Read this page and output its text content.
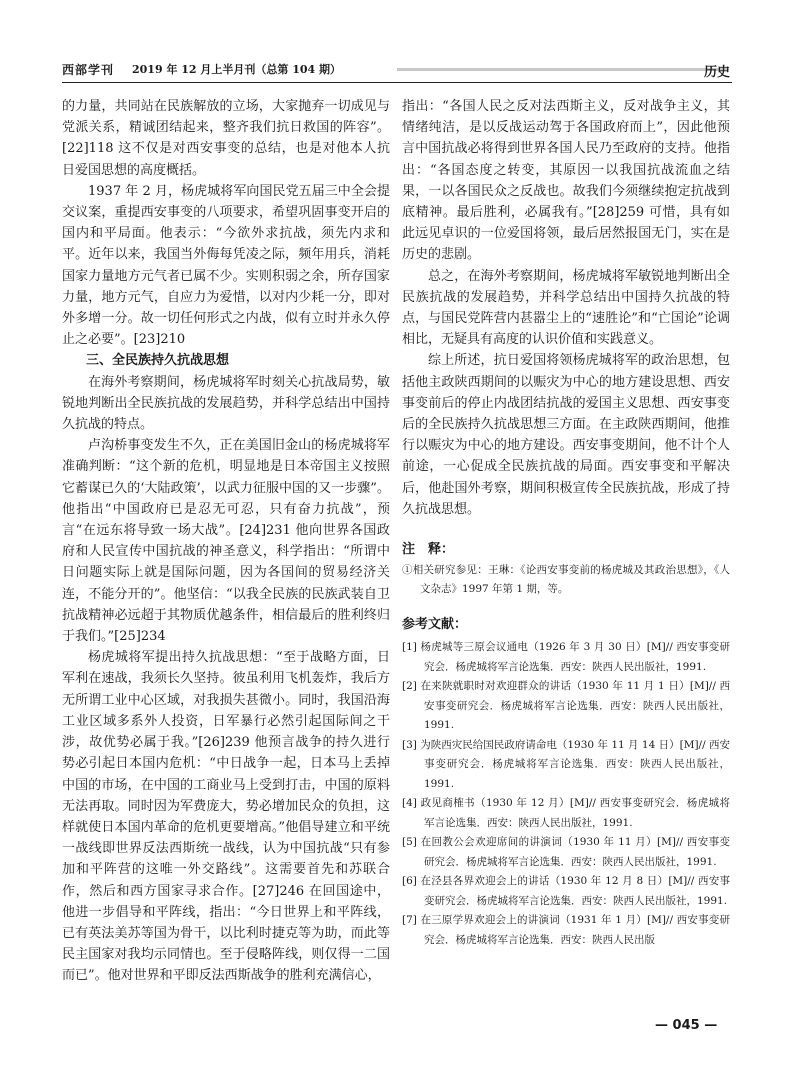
西部学刊 2019 年 12 月上半月刊（总第 104 期）	历史

的力量，共同站在民族解放的立场，大家抛弃一切成见与党派关系，精诚团结起来，整齐我们抗日救国的阵容”。[22]118 这不仅是对西安事变的总结，也是对他本人抗日爱国思想的高度概括。

1937 年 2 月，杨虎城将军向国民党五届三中全会提交议案，重提西安事变的八项要求，希望巩固事变开启的国内和平局面。他表示：“今欲外求抗战，须先内求和平。近年以来，我国当外侮每凭凌之际，频年用兵，消耗国家力量地方元气者已属不少。实则积弱之余，所存国家力量，地方元气，自应力为爱惜，以对内少耗一分，即对外多增一分。故一切任何形式之内战，似有立时并永久停止之必要”。[23]210

三、全民族持久抗战思想

在海外考察期间，杨虎城将军时刻关心抗战局势，敏锐地判断出全民族抗战的发展趋势，并科学总结出中国持久抗战的特点。

卢沟桥事变发生不久，正在美国旧金山的杨虎城将军准确判断：“这个新的危机，明显地是日本帝国主义按照它蓄谋已久的‘大陆政策’，以武力征服中国的又一步骤”。他指出“中国政府已是忍无可忍，只有奋力抗战”，预言“在远东将导致一场大战”。[24]231 他向世界各国政府和人民宣传中国抗战的神圣意义，科学指出：“所谓中日问题实际上就是国际问题，因为各国间的贸易经济关连，不能分开的”。他坚信：“以我全民族的民族武装自卫抗战精神必远超于其物质优越条件，相信最后的胜利终归于我们。”[25]234

杨虎城将军提出持久抗战思想：“至于战略方面，日军利在速战，我须长久坚持。彼虽利用飞机轰炸，我后方无所谓工业中心区域，对我损失甚微小。同时，我国沿海工业区域多系外人投资，日军暴行必然引起国际间之干涉，故优势必属于我。”[26]239 他预言战争的持久进行势必引起日本国内危机：“中日战争一起，日本马上丢掉中国的市场，在中国的工商业马上受到打击，中国的原料无法再取。同时因为军费庞大，势必增加民众的负担，这样就使日本国内革命的危机更要增高。”他倡导建立和平统一战线即世界反法西斯统一战线，认为中国抗战“只有参加和平阵营的这唯一外交路线”。这需要首先和苏联合作，然后和西方国家寻求合作。[27]246 在回国途中，他进一步倡导和平阵线，指出：“今日世界上和平阵线，已有英法美苏等国为骨干，以比利时捷克等为助，而此等民主国家对我均示同情也。至于侵略阵线，则仅得一二国而已”。他对世界和平即反法西斯战争的胜利充满信心，

指出：“各国人民之反对法西斯主义，反对战争主义，其情绪纯洁，是以反战运动驾于各国政府而上”，因此他预言中国抗战必将得到世界各国人民乃至政府的支持。他指出：“各国态度之转变，其原因一以我国抗战流血之结果，一以各国民众之反战也。故我们今须继续抱定抗战到底精神。最后胜利，必属我有。”[28]259 可惜，具有如此远见卓识的一位爱国将领，最后居然报国无门，实在是历史的悲剧。

总之，在海外考察期间，杨虎城将军敏锐地判断出全民族抗战的发展趋势，并科学总结出中国持久抗战的特点，与国民党阵营内甚嚣尘上的“速胜论”和“亡国论”论调相比，无疑具有高度的认识价值和实践意义。

综上所述，抗日爱国将领杨虎城将军的政治思想，包括他主政陕西期间的以赈灾为中心的地方建设思想、西安事变前后的停止内战团结抗战的爱国主义思想、西安事变后的全民族持久抗战思想三方面。在主政陕西期间，他推行以赈灾为中心的地方建设。西安事变期间，他不计个人前途，一心促成全民族抗战的局面。西安事变和平解决后，他赴国外考察，期间积极宣传全民族抗战，形成了持久抗战思想。

注　释：

①相关研究参见：王琳：《论西安事变前的杨虎城及其政治思想》，《人文杂志》1997 年第 1 期，等。

参考文献：

[1] 杨虎城等三原会议通电（1926 年 3 月 30 日）[M]// 西安事变研究会．杨虎城将军言论选集．西安：陕西人民出版社，1991.

[2] 在来陕就职时对欢迎群众的讲话（1930 年 11 月 1 日）[M]// 西安事变研究会．杨虎城将军言论选集．西安：陕西人民出版社，1991.

[3] 为陕西灾民给国民政府请命电（1930 年 11 月 14 日）[M]// 西安事变研究会．杨虎城将军言论选集．西安：陕西人民出版社，1991.

[4] 政见商榷书（1930 年 12 月）[M]// 西安事变研究会．杨虎城将军言论选集．西安：陕西人民出版社，1991.

[5] 在回教公会欢迎席间的讲演词（1930 年 11 月）[M]// 西安事变研究会．杨虎城将军言论选集．西安：陕西人民出版社，1991.

[6] 在泾县各界欢迎会上的讲话（1930 年 12 月 8 日）[M]// 西安事变研究会．杨虎城将军言论选集．西安：陕西人民出版社，1991.

[7] 在三原学界欢迎会上的讲演词（1931 年 1 月）[M]// 西安事变研究会．杨虎城将军言论选集．西安：陕西人民出版

— 045 —
